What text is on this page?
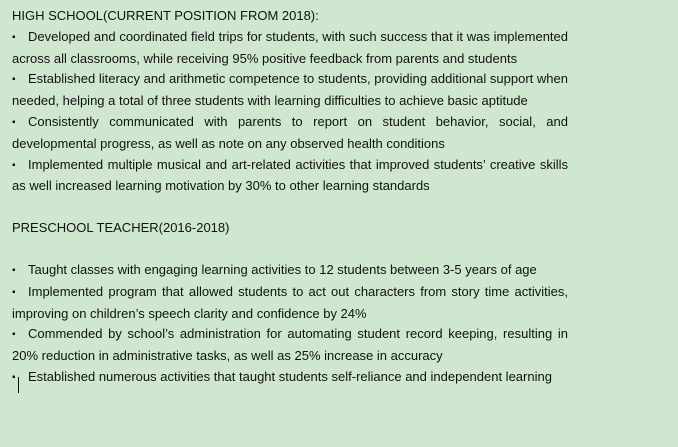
HIGH SCHOOL(CURRENT POSITION FROM 2018):
▪ Developed and coordinated field trips for students, with such success that it was implemented across all classrooms, while receiving 95% positive feedback from parents and students
▪ Established literacy and arithmetic competence to students, providing additional support when needed, helping a total of three students with learning difficulties to achieve basic aptitude
▪ Consistently communicated with parents to report on student behavior, social, and developmental progress, as well as note on any observed health conditions
▪ Implemented multiple musical and art-related activities that improved students’ creative skills as well increased learning motivation by 30% to other learning standards
PRESCHOOL TEACHER(2016-2018)
▪ Taught classes with engaging learning activities to 12 students between 3-5 years of age
▪ Implemented program that allowed students to act out characters from story time activities, improving on children’s speech clarity and confidence by 24%
▪ Commended by school’s administration for automating student record keeping, resulting in 20% reduction in administrative tasks, as well as 25% increase in accuracy
▪ Established numerous activities that taught students self-reliance and independent learning
